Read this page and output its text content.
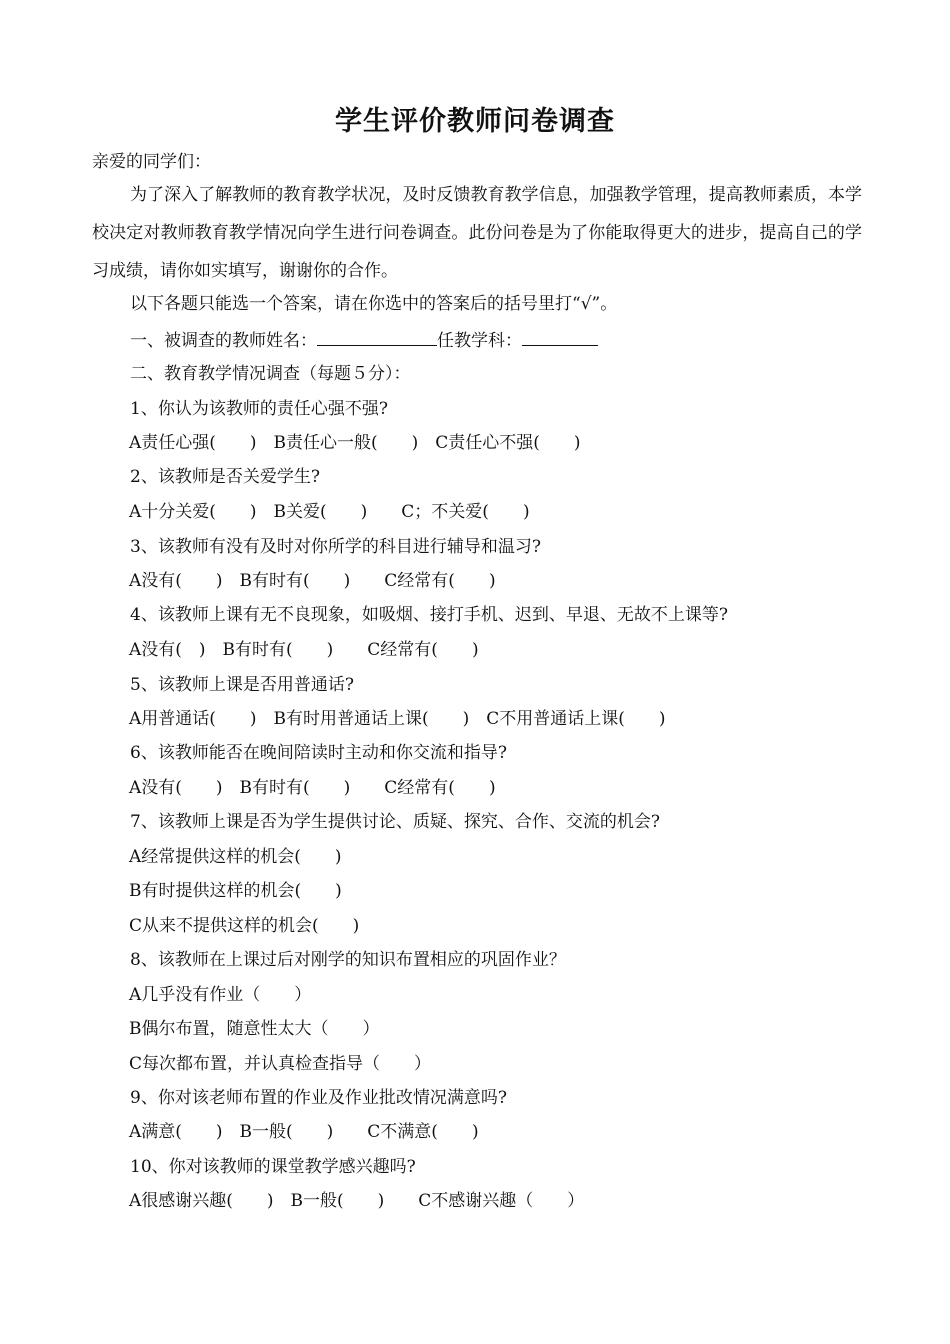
学生评价教师问卷调查
亲爱的同学们：
为了深入了解教师的教育教学状况，及时反馈教育教学信息，加强教学管理，提高教师素质，本学校决定对教师教育教学情况向学生进行问卷调查。此份问卷是为了你能取得更大的进步，提高自己的学习成绩，请你如实填写，谢谢你的合作。
以下各题只能选一个答案，请在你选中的答案后的括号里打“√”。
一、被调查的教师姓名：	任教学科：
二、教育教学情况调查（每题５分）：
1、你认为该教师的责任心强不强?
A责任心强(　　)　B责任心一般(　　)　C责任心不强(　　)
2、该教师是否关爱学生?
A十分关爱(　　)　B关爱(　　)　　C；不关爱(　　)
3、该教师有没有及时对你所学的科目进行辅导和温习?
A没有(　　)　B有时有(　　)　　C经常有(　　)
4、该教师上课有无不良现象，如吸烟、接打手机、迟到、早退、无故不上课等?
A没有(　)　B有时有(　　)　　C经常有(　　)
5、该教师上课是否用普通话?
A用普通话(　　)　B有时用普通话上课(　　)　C不用普通话上课(　　)
6、该教师能否在晚间陪读时主动和你交流和指导?
A没有(　　)　B有时有(　　)　　C经常有(　　)
7、该教师上课是否为学生提供讨论、质疑、探究、合作、交流的机会?
A经常提供这样的机会(　　)
B有时提供这样的机会(　　)
C从来不提供这样的机会(　　)
8、该教师在上课过后对刚学的知识布置相应的巩固作业？
A几乎没有作业（　　）
B偶尔布置，随意性太大（　　）
C每次都布置，并认真检查指导（　　）
9、你对该老师布置的作业及作业批改情况满意吗?
A满意(　　)　B一般(　　)　　C不满意(　　)
10、你对该教师的课堂教学感兴趣吗?
A很感谢兴趣(　　)　B一般(　　)　　C不感谢兴趣（　　）
